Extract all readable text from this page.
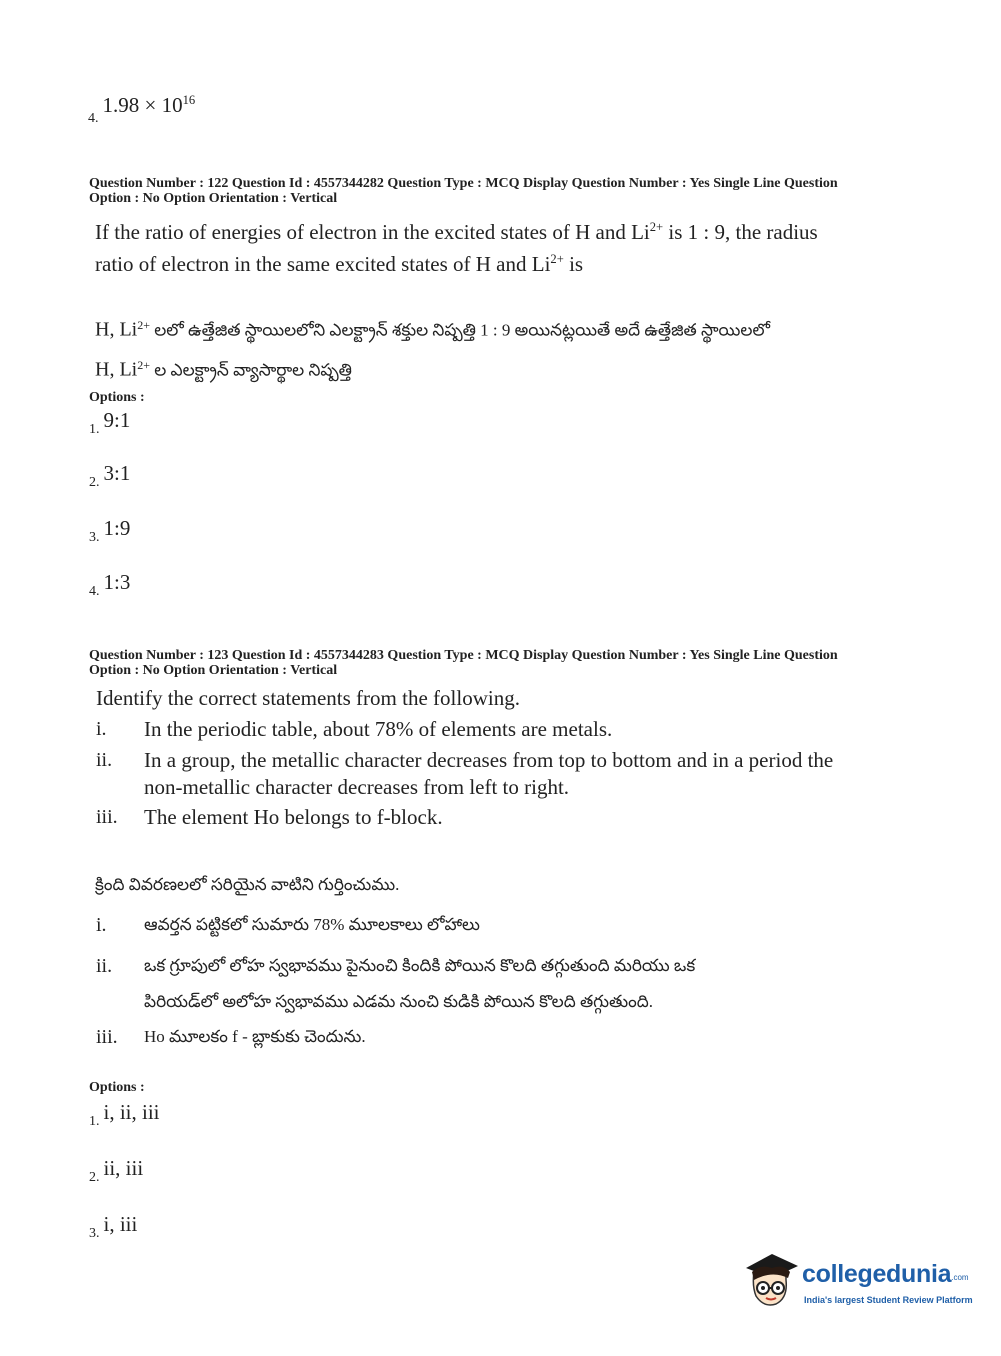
4. $1.98 \times 10^{16}$
Question Number : 122 Question Id : 4557344282 Question Type : MCQ Display Question Number : Yes Single Line Question
Option : No Option Orientation : Vertical
If the ratio of energies of electron in the excited states of H and $Li^{2+}$ is 1 : 9, the radius
ratio of electron in the same excited states of H and $Li^{2+}$ is
H, $Li^{2+}$ లలో ఉత్తేజిత స్థాయిలలోని ఎలక్ట్రాన్ శక్తుల నిష్పత్తి 1 : 9 అయినట్లయితే అదే ఉత్తేజిత స్థాయిలలో
H, $Li^{2+}$ ల ఎలక్ట్రాన్ వ్యాసార్థాల నిష్పత్తి
Options :
1. 9:1
2. 3:1
3. 1:9
4. 1:3
Question Number : 123 Question Id : 4557344283 Question Type : MCQ Display Question Number : Yes Single Line Question
Option : No Option Orientation : Vertical
Identify the correct statements from the following.
i. In the periodic table, about 78% of elements are metals.
ii. In a group, the metallic character decreases from top to bottom and in a period the
non-metallic character decreases from left to right.
iii. The element Ho belongs to f-block.
క్రింది వివరణలలో సరియైన వాటిని గుర్తించుము.
i. ఆవర్తన పట్టికలో సుమారు 78% మూలకాలు లోహాలు
ii. ఒక గ్రూపులో లోహ స్వభావము పైనుంచి కిందికి పోయిన కొలది తగ్గుతుంది మరియు ఒక
పిరియడ్‌లో అలోహ స్వభావము ఎడమ నుంచి కుడికి పోయిన కొలది తగ్గుతుంది.
iii. Ho మూలకం f - బ్లాకుకు చెందును.
Options :
1. i, ii, iii
2. ii, iii
3. i, iii
collegedunia.com
India's largest Student Review Platform
